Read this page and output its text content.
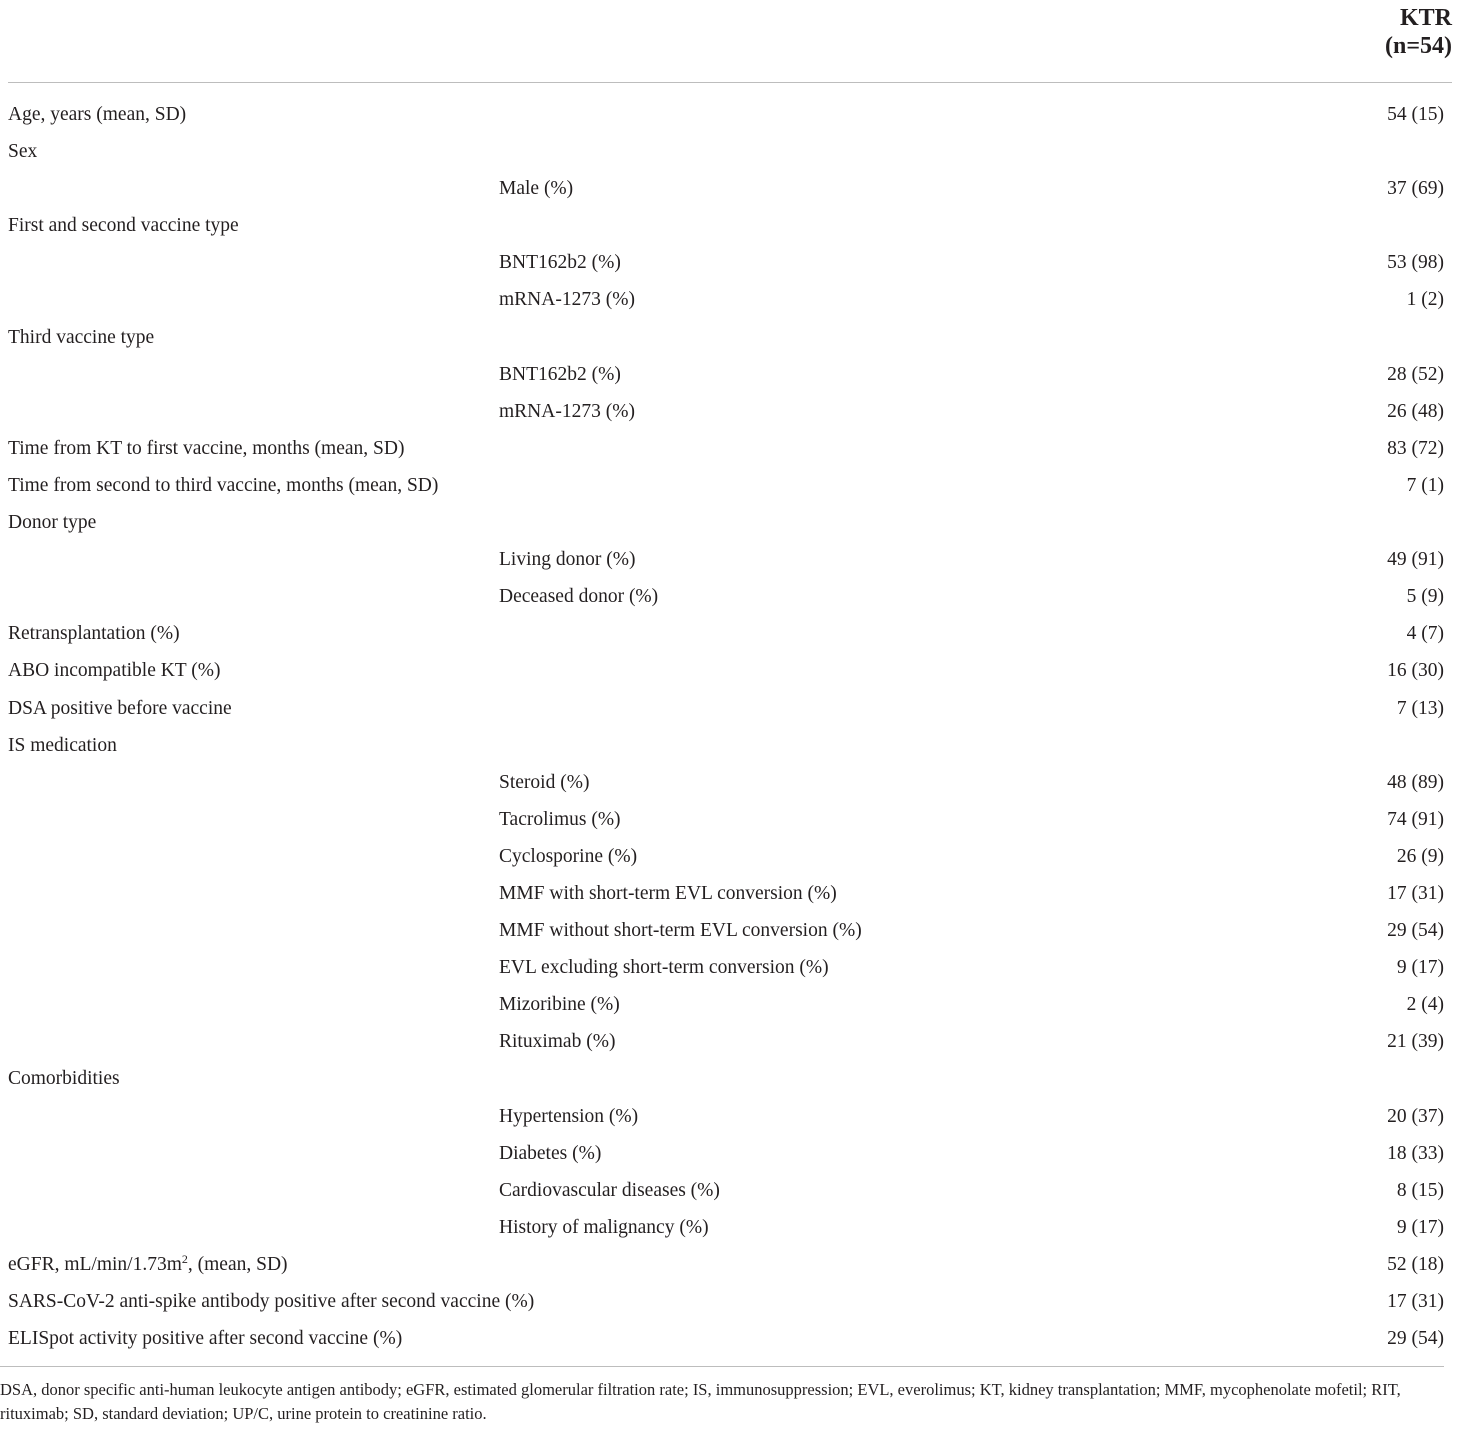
KTR
(n=54)
Age, years (mean, SD)	54 (15)
Sex
Male (%)	37 (69)
First and second vaccine type
BNT162b2 (%)	53 (98)
mRNA-1273 (%)	1 (2)
Third vaccine type
BNT162b2 (%)	28 (52)
mRNA-1273 (%)	26 (48)
Time from KT to first vaccine, months (mean, SD)	83 (72)
Time from second to third vaccine, months (mean, SD)	7 (1)
Donor type
Living donor (%)	49 (91)
Deceased donor (%)	5 (9)
Retransplantation (%)	4 (7)
ABO incompatible KT (%)	16 (30)
DSA positive before vaccine	7 (13)
IS medication
Steroid (%)	48 (89)
Tacrolimus (%)	74 (91)
Cyclosporine (%)	26 (9)
MMF with short-term EVL conversion (%)	17 (31)
MMF without short-term EVL conversion (%)	29 (54)
EVL excluding short-term conversion (%)	9 (17)
Mizoribine (%)	2 (4)
Rituximab (%)	21 (39)
Comorbidities
Hypertension (%)	20 (37)
Diabetes (%)	18 (33)
Cardiovascular diseases (%)	8 (15)
History of malignancy (%)	9 (17)
eGFR, $mL/\min/1.73m^2$, (mean, SD)	52 (18)
SARS-CoV-2 anti-spike antibody positive after second vaccine (%)	17 (31)
ELISpot activity positive after second vaccine (%)	29 (54)
DSA, donor specific anti-human leukocyte antigen antibody; eGFR, estimated glomerular filtration rate; IS, immunosuppression; EVL, everolimus; KT, kidney transplantation; MMF, mycophenolate mofetil; RIT, rituximab; SD, standard deviation; UP/C, urine protein to creatinine ratio.
